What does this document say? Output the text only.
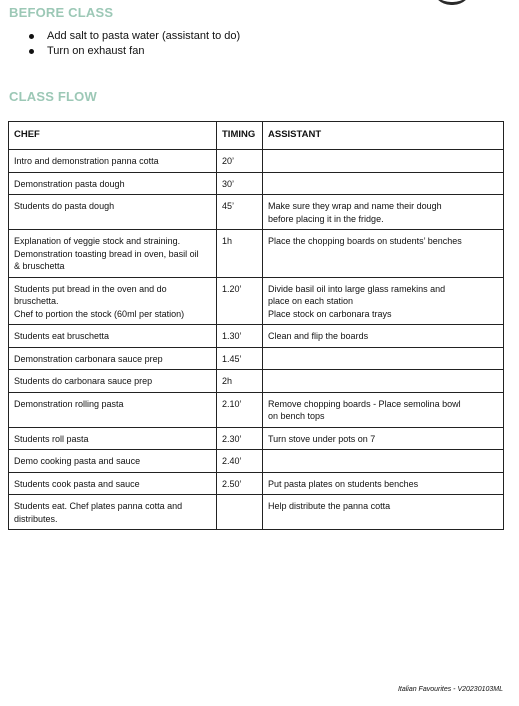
BEFORE CLASS
Add salt to pasta water (assistant to do)
Turn on exhaust fan
CLASS FLOW
CHEF	TIMING	ASSISTANT

Intro and demonstration panna cotta	20’	

Demonstration pasta dough	30’	

Students do pasta dough	45’	Make sure they wrap and name their dough
before placing it in the fridge.

Explanation of veggie stock and straining.
Demonstration toasting bread in oven, basil oil
& bruschetta	1h	Place the chopping boards on students’ benches

Students put bread in the oven and do
bruschetta.
Chef to portion the stock (60ml per station)	1.20’	Divide basil oil into large glass ramekins and
place on each station
Place stock on carbonara trays

Students eat bruschetta	1.30’	Clean and flip the boards

Demonstration carbonara sauce prep	1.45’	

Students do carbonara sauce prep	2h	

Demonstration rolling pasta	2.10’	Remove chopping boards - Place semolina bowl
on bench tops

Students roll pasta	2.30’	Turn stove under pots on 7

Demo cooking pasta and sauce	2.40’	

Students cook pasta and sauce	2.50’	Put pasta plates on students benches

Students eat. Chef plates panna cotta and
distributes.		Help distribute the panna cotta
Italian Favourites - V20230103ML
